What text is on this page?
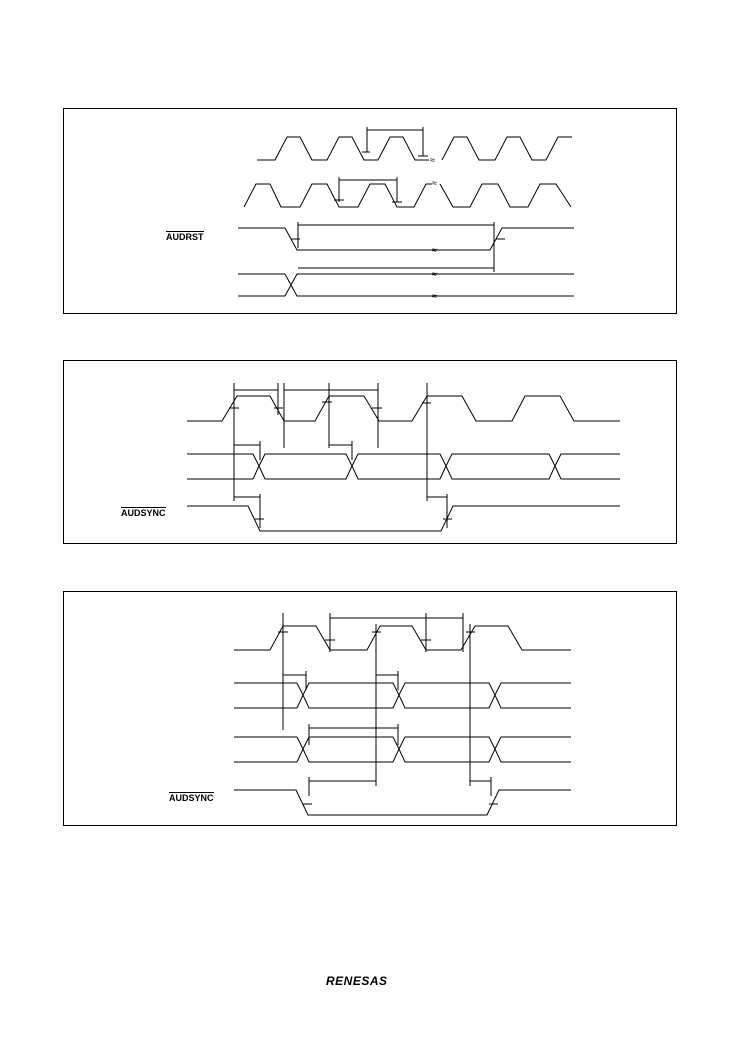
≈
≈
≈
≈
≈
AUDRST
AUDSYNC
AUDSYNC
RENESAS
